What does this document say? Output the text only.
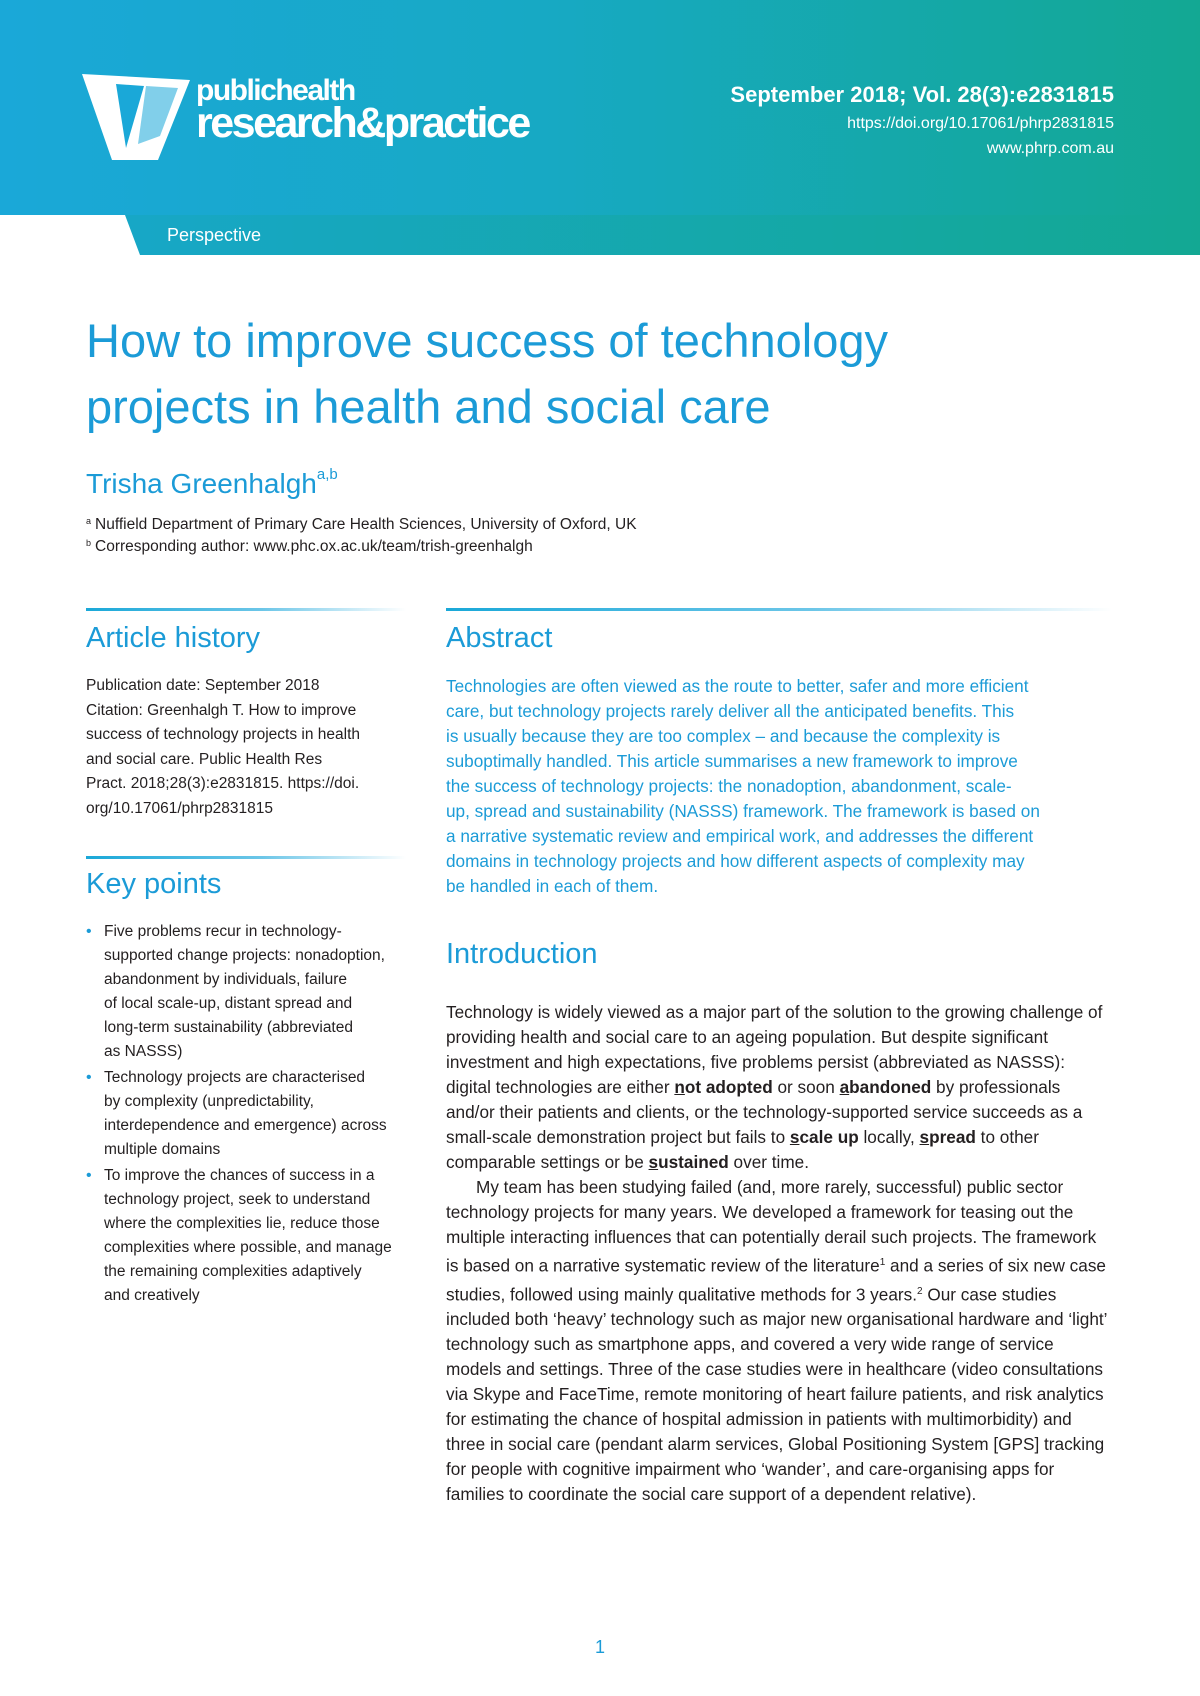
publichealth
research&practice
September 2018; Vol. 28(3):e2831815
https://doi.org/10.17061/phrp2831815
www.phrp.com.au
Perspective
How to improve success of technology
projects in health and social care
Trisha Greenhalgh$^{a,b}$
$^a$ Nuffield Department of Primary Care Health Sciences, University of Oxford, UK
$^b$ Corresponding author: www.phc.ox.ac.uk/team/trish-greenhalgh
Article history
Publication date: September 2018
Citation: Greenhalgh T. How to improve
success of technology projects in health
and social care. Public Health Res
Pract. 2018;28(3):e2831815. https://doi.
org/10.17061/phrp2831815
Key points
• Five problems recur in technology-
supported change projects: nonadoption,
abandonment by individuals, failure
of local scale-up, distant spread and
long-term sustainability (abbreviated
as NASSS)
• Technology projects are characterised
by complexity (unpredictability,
interdependence and emergence) across
multiple domains
• To improve the chances of success in a
technology project, seek to understand
where the complexities lie, reduce those
complexities where possible, and manage
the remaining complexities adaptively
and creatively
Abstract
Technologies are often viewed as the route to better, safer and more efficient
care, but technology projects rarely deliver all the anticipated benefits. This
is usually because they are too complex – and because the complexity is
suboptimally handled. This article summarises a new framework to improve
the success of technology projects: the nonadoption, abandonment, scale-
up, spread and sustainability (NASSS) framework. The framework is based on
a narrative systematic review and empirical work, and addresses the different
domains in technology projects and how different aspects of complexity may
be handled in each of them.
Introduction

Technology is widely viewed as a major part of the solution to the growing challenge of providing health and social care to an ageing population. But despite significant investment and high expectations, five problems persist (abbreviated as NASSS): digital technologies are either not adopted or soon abandoned by professionals and/or their patients and clients, or the technology-supported service succeeds as a small-scale demonstration project but fails to scale up locally, spread to other comparable settings or be sustained over time.

My team has been studying failed (and, more rarely, successful) public sector technology projects for many years. We developed a framework for teasing out the multiple interacting influences that can potentially derail such projects. The framework is based on a narrative systematic review of the literature$^1$ and a series of six new case studies, followed using mainly qualitative methods for 3 years.$^2$ Our case studies included both ‘heavy’ technology such as major new organisational hardware and ‘light’ technology such as smartphone apps, and covered a very wide range of service models and settings. Three of the case studies were in healthcare (video consultations via Skype and FaceTime, remote monitoring of heart failure patients, and risk analytics for estimating the chance of hospital admission in patients with multimorbidity) and three in social care (pendant alarm services, Global Positioning System [GPS] tracking for people with cognitive impairment who ‘wander’, and care-organising apps for families to coordinate the social care support of a dependent relative).

1
